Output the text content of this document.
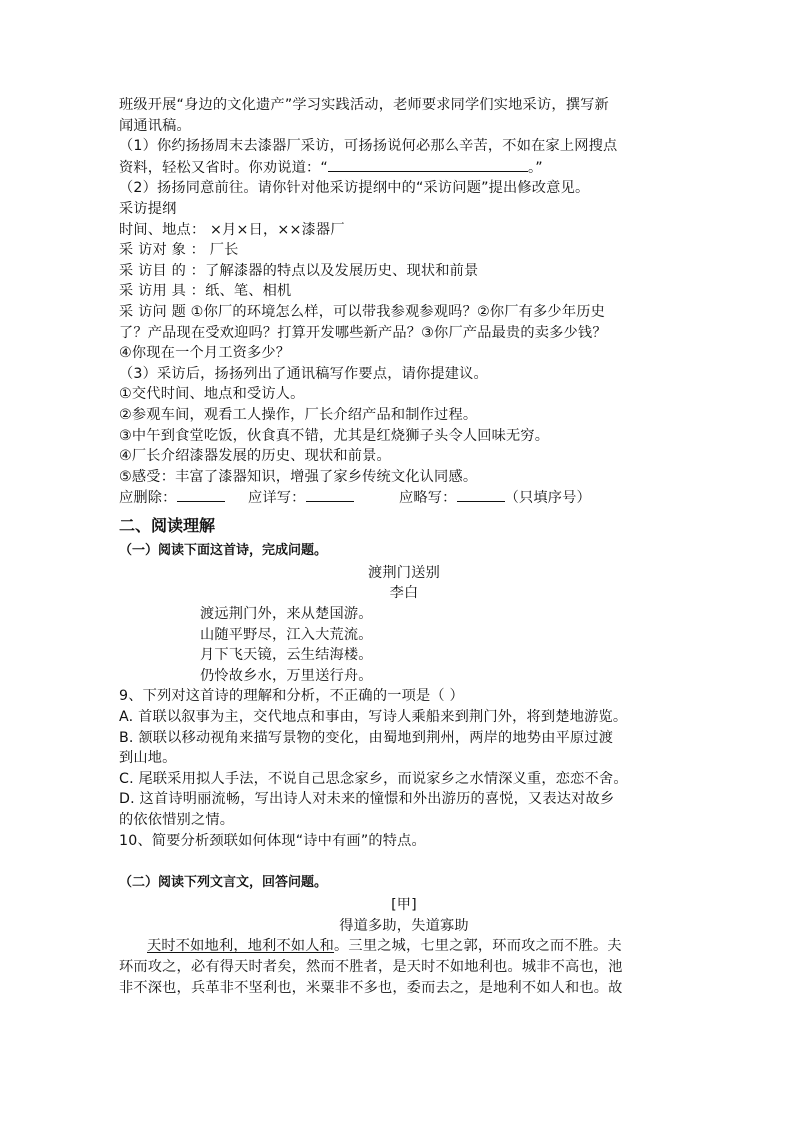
班级开展“身边的文化遗产”学习实践活动，老师要求同学们实地采访，撰写新
闻通讯稿。
（1）你约扬扬周末去漆器厂采访，可扬扬说何必那么辛苦，不如在家上网搜点
资料，轻松又省时。你劝说道：“	。”
（2）扬扬同意前往。请你针对他采访提纲中的“采访问题”提出修改意见。
采访提纲
时间、地点： ×月×日，××漆器厂
采 访对 象 ： 厂长
采 访目 的 ：了解漆器的特点以及发展历史、现状和前景
采 访用 具 ：纸、笔、相机
采 访问 题 ①你厂的环境怎么样，可以带我参观参观吗？②你厂有多少年历史
了？产品现在受欢迎吗？打算开发哪些新产品？③你厂产品最贵的卖多少钱？
④你现在一个月工资多少？
（3）采访后，扬扬列出了通讯稿写作要点，请你提建议。
①交代时间、地点和受访人。
②参观车间，观看工人操作，厂长介绍产品和制作过程。
③中午到食堂吃饭，伙食真不错，尤其是红烧狮子头令人回味无穷。
④厂长介绍漆器发展的历史、现状和前景。
⑤感受：丰富了漆器知识，增强了家乡传统文化认同感。
应删除：	应详写：	应略写：	（只填序号）
二、阅读理解
（一）阅读下面这首诗，完成问题。
渡荆门送别
李白
渡远荆门外，来从楚国游。
山随平野尽，江入大荒流。
月下飞天镜，云生结海楼。
仍怜故乡水，万里送行舟。
9、下列对这首诗的理解和分析，不正确的一项是（ ）
A. 首联以叙事为主，交代地点和事由，写诗人乘船来到荆门外，将到楚地游览。
B. 颔联以移动视角来描写景物的变化，由蜀地到荆州，两岸的地势由平原过渡
到山地。
C. 尾联采用拟人手法，不说自己思念家乡，而说家乡之水情深义重，恋恋不舍。
D. 这首诗明丽流畅，写出诗人对未来的憧憬和外出游历的喜悦，又表达对故乡
的依依惜别之情。
10、简要分析颈联如何体现“诗中有画”的特点。
（二）阅读下列文言文，回答问题。
[甲]
得道多助，失道寡助
天时不如地利，地利不如人和。三里之城，七里之郭，环而攻之而不胜。夫
环而攻之，必有得天时者矣，然而不胜者，是天时不如地利也。城非不高也，池
非不深也，兵革非不坚利也，米粟非不多也，委而去之，是地利不如人和也。故
